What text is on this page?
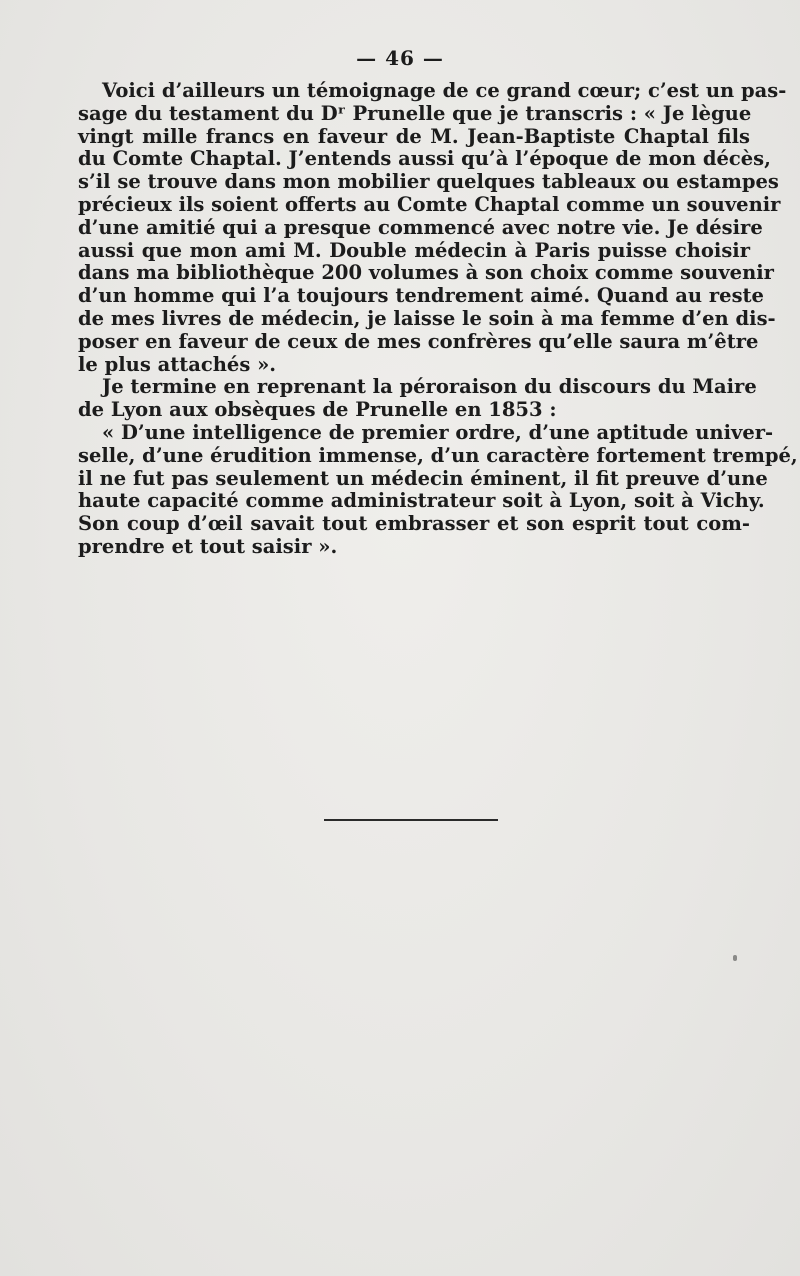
— 46 —
Voici d’ailleurs un témoignage de ce grand cœur; c’est un pas-
sage du testament du Dʳ Prunelle que je transcris : « Je lègue
vingt mille francs en faveur de M. Jean-Baptiste Chaptal fils
du Comte Chaptal. J’entends aussi qu’à l’époque de mon décès,
s’il se trouve dans mon mobilier quelques tableaux ou estampes
précieux ils soient offerts au Comte Chaptal comme un souvenir
d’une amitié qui a presque commencé avec notre vie. Je désire
aussi que mon ami M. Double médecin à Paris puisse choisir
dans ma bibliothèque 200 volumes à son choix comme souvenir
d’un homme qui l’a toujours tendrement aimé. Quand au reste
de mes livres de médecin, je laisse le soin à ma femme d’en dis-
poser en faveur de ceux de mes confrères qu’elle saura m’être
le plus attachés ».
Je termine en reprenant la péroraison du discours du Maire
de Lyon aux obsèques de Prunelle en 1853 :
« D’une intelligence de premier ordre, d’une aptitude univer-
selle, d’une érudition immense, d’un caractère fortement trempé,
il ne fut pas seulement un médecin éminent, il fit preuve d’une
haute capacité comme administrateur soit à Lyon, soit à Vichy.
Son coup d’œil savait tout embrasser et son esprit tout com-
prendre et tout saisir ».
